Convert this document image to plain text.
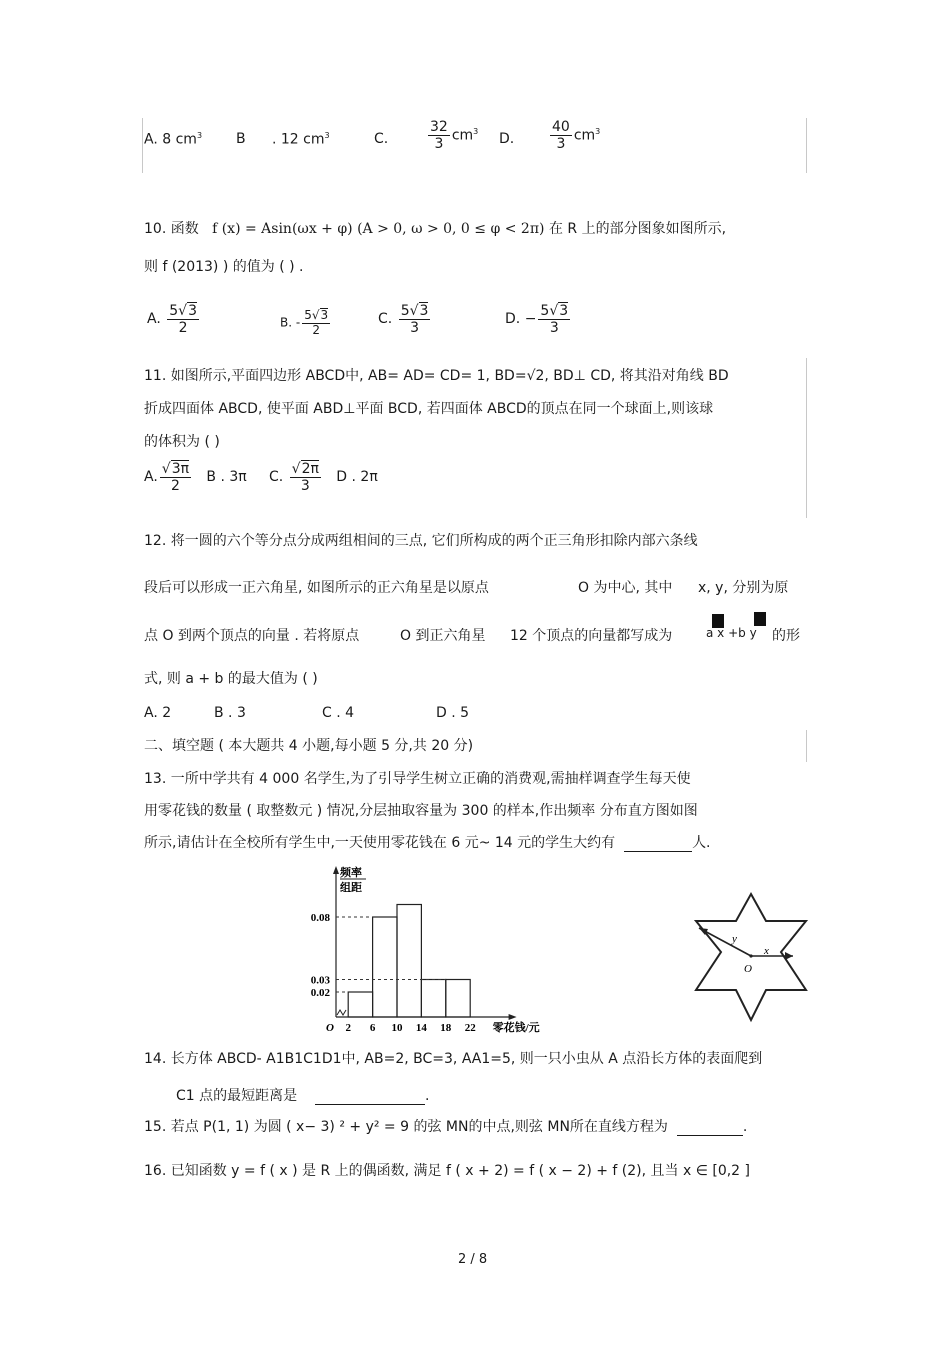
A. 8 $cm^3$ B . 12 $cm^3$	C.	$\frac{32}{3} cm^3$ D.	$\frac{40}{3} cm^3$
10. 函数 f (x) = Asin(ωx + φ) (A > 0, ω > 0, 0 ≤ φ < 2π) 在 R 上的部分图象如图所示,
则 f (2013) ) 的值为 ( ) .
A. $\frac{5√3}{2}$	B. - $\frac{5√3}{2}$	C. $\frac{5√3}{3}$	D. − $\frac{5√3}{3}$
11. 如图所示,平面四边形 ABCD中, AB= AD= CD= 1, BD=√2, BD⊥ CD, 将其沿对角线 BD
折成四面体 ABCD, 使平面 ABD⊥平面 BCD, 若四面体 ABCD的顶点在同一个球面上,则该球
的体积为 ( )
A. $\frac{√3\pi}{2}$ B . 3π C. $\frac{√2\pi}{3}$ D . 2π
12. 将一圆的六个等分点分成两组相间的三点, 它们所构成的两个正三角形扣除内部六条线
段后可以形成一正六角星, 如图所示的正六角星是以原点	O 为中心, 其中 x, y, 分别为原
点 O 到两个顶点的向量 . 若将原点	O 到正六角星 12 个顶点的向量都写成为	a x +b y 的形
式, 则 a + b 的最大值为 ( )
A. 2	B . 3	C . 4	D . 5
二、填空题 ( 本大题共 4 小题,每小题 5 分,共 20 分)
13. 一所中学共有 4 000 名学生,为了引导学生树立正确的消费观,需抽样调查学生每天使
用零花钱的数量 ( 取整数元 ) 情况,分层抽取容量为 300 的样本,作出频率 分布直方图如图
所示,请估计在全校所有学生中,一天使用零花钱在 6 元~ 14 元的学生大约有	人.
0.08
0.03
0.02
2 6 10 14 18 22
O	零花钱/元
频率
组距
O
x
y
14. 长方体 ABCD- A1B1C1D1中, AB=2, BC=3, AA1=5, 则一只小虫从 A 点沿长方体的表面爬到
C1 点的最短距离是	.
15. 若点 P(1, 1) 为圆 ( x− 3) ² + y² = 9 的弦 MN的中点,则弦 MN所在直线方程为	.
16. 已知函数 y = f ( x ) 是 R 上的偶函数, 满足 f ( x + 2) = f ( x − 2) + f (2), 且当 x ∈ [0,2 ]
2 / 8
